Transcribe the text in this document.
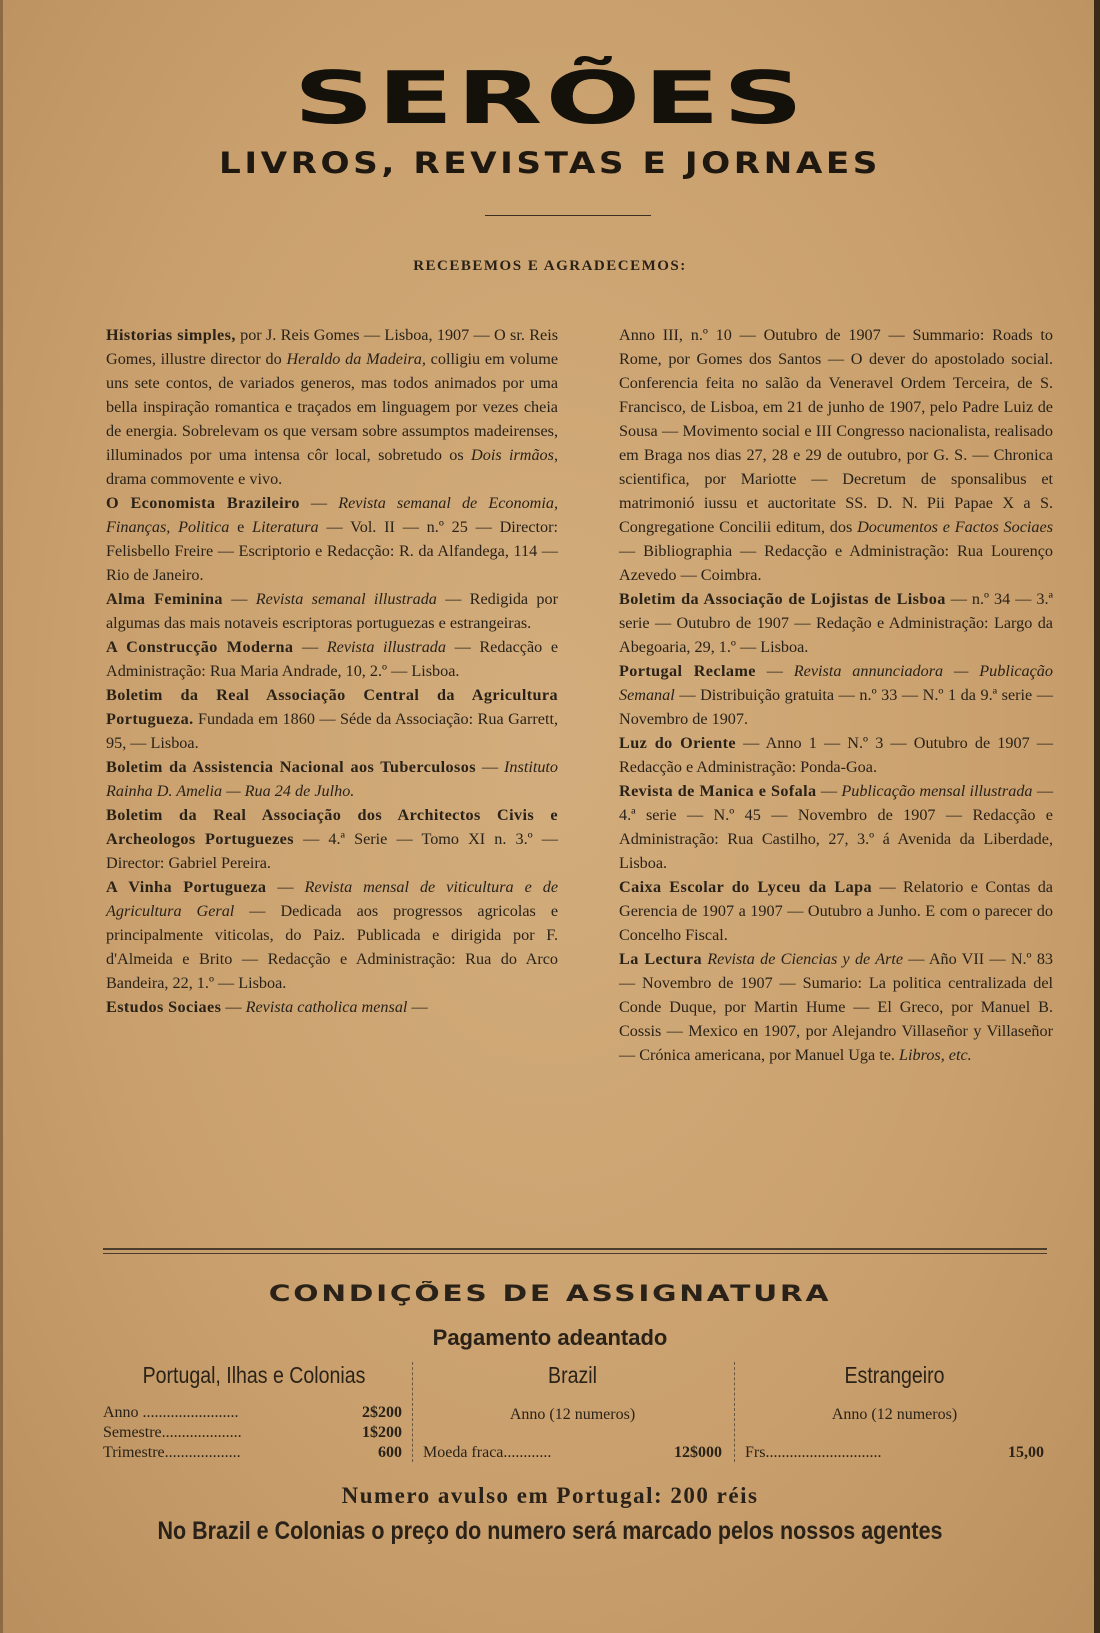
SERÕES
LIVROS, REVISTAS E JORNAES
RECEBEMOS E AGRADECEMOS:

Historias simples, por J. Reis Gomes — Lisboa, 1907 — O sr. Reis Gomes, illustre director do Heraldo da Madeira, colligiu em volume uns sete contos, de variados generos, mas todos animados por uma bella inspiração romantica e traçados em linguagem por vezes cheia de energia. Sobrelevam os que versam sobre assumptos madeirenses, illuminados por uma intensa côr local, sobretudo os Dois irmãos, drama commovente e vivo.

O Economista Brazileiro — Revista semanal de Economia, Finanças, Politica e Literatura — Vol. II — n.º 25 — Director: Felisbello Freire — Escriptorio e Redacção: R. da Alfandega, 114 — Rio de Janeiro.

Alma Feminina — Revista semanal illustrada — Redigida por algumas das mais notaveis escriptoras portuguezas e estrangeiras.

A Construcção Moderna — Revista illustrada — Redacção e Administração: Rua Maria Andrade, 10, 2.º — Lisboa.

Boletim da Real Associação Central da Agricultura Portugueza. Fundada em 1860 — Séde da Associação: Rua Garrett, 95, — Lisboa.

Boletim da Assistencia Nacional aos Tuberculosos — Instituto Rainha D. Amelia — Rua 24 de Julho.

Boletim da Real Associação dos Architectos Civis e Archeologos Portuguezes — 4.ª Serie — Tomo XI n. 3.º — Director: Gabriel Pereira.

A Vinha Portugueza — Revista mensal de viticultura e de Agricultura Geral — Dedicada aos progressos agricolas e principalmente viticolas, do Paiz. Publicada e dirigida por F. d'Almeida e Brito — Redacção e Administração: Rua do Arco Bandeira, 22, 1.º — Lisboa.

Estudos Sociaes — Revista catholica mensal —

Anno III, n.º 10 — Outubro de 1907 — Summario: Roads to Rome, por Gomes dos Santos — O dever do apostolado social. Conferencia feita no salão da Veneravel Ordem Terceira, de S. Francisco, de Lisboa, em 21 de junho de 1907, pelo Padre Luiz de Sousa — Movimento social e III Congresso nacionalista, realisado em Braga nos dias 27, 28 e 29 de outubro, por G. S. — Chronica scientifica, por Mariotte — Decretum de sponsalibus et matrimonió iussu et auctoritate SS. D. N. Pii Papae X a S. Congregatione Concilii editum, dos Documentos e Factos Sociaes — Bibliographia — Redacção e Administração: Rua Lourenço Azevedo — Coimbra.

Boletim da Associação de Lojistas de Lisboa — n.º 34 — 3.ª serie — Outubro de 1907 — Redação e Administração: Largo da Abegoaria, 29, 1.º — Lisboa.

Portugal Reclame — Revista annunciadora — Publicação Semanal — Distribuição gratuita — n.º 33 — N.º 1 da 9.ª serie — Novembro de 1907.

Luz do Oriente — Anno 1 — N.º 3 — Outubro de 1907 — Redacção e Administração: Ponda-Goa.

Revista de Manica e Sofala — Publicação mensal illustrada — 4.ª serie — N.º 45 — Novembro de 1907 — Redacção e Administração: Rua Castilho, 27, 3.º á Avenida da Liberdade, Lisboa.

Caixa Escolar do Lyceu da Lapa — Relatorio e Contas da Gerencia de 1907 a 1907 — Outubro a Junho. E com o parecer do Concelho Fiscal.

La Lectura Revista de Ciencias y de Arte — Año VII — N.º 83 — Novembro de 1907 — Sumario: La politica centralizada del Conde Duque, por Martin Hume — El Greco, por Manuel B. Cossis — Mexico en 1907, por Alejandro Villaseñor y Villaseñor — Crónica americana, por Manuel Uga te. Libros, etc.

CONDIÇÕES DE ASSIGNATURA
Pagamento adeantado
Portugal, Ilhas e Colonias
Anno ........................	2$200
Semestre....................	1$200
Trimestre...................	600
Brazil
Anno (12 numeros)
Moeda fraca............	12$000
Estrangeiro
Anno (12 numeros)
Frs.............................	15,00
Numero avulso em Portugal: 200 réis
No Brazil e Colonias o preço do numero será marcado pelos nossos agentes
